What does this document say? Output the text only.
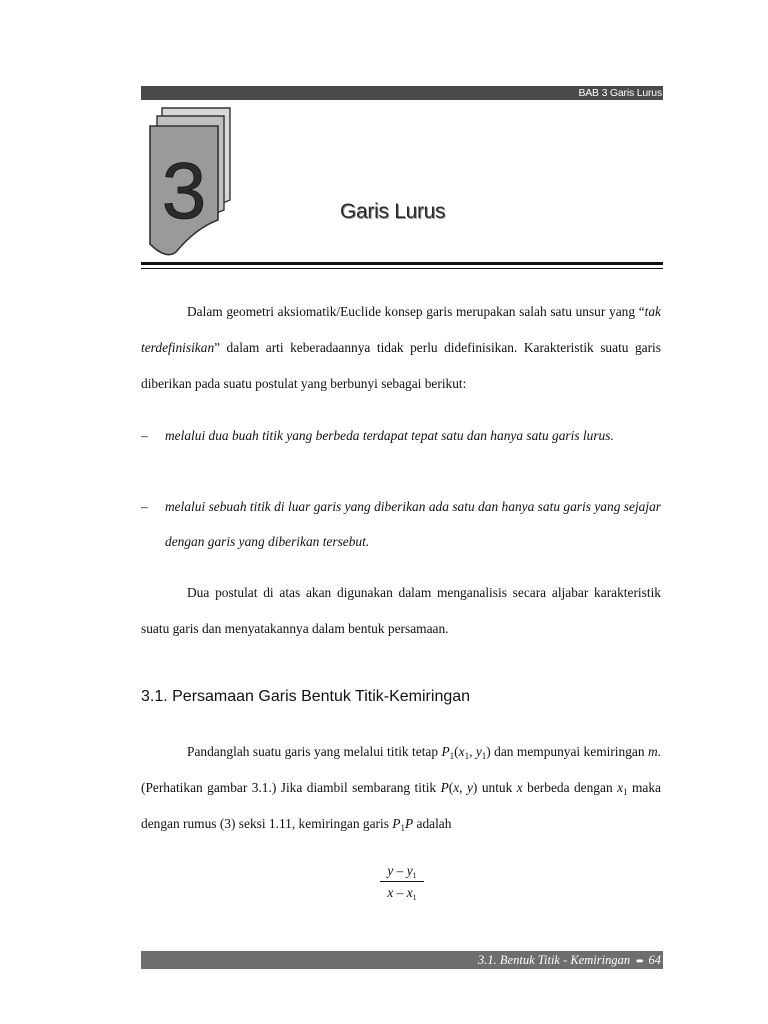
BAB 3 Garis Lurus
3	Garis Lurus
Dalam geometri aksiomatik/Euclide konsep garis merupakan salah satu unsur yang “tak terdefinisikan” dalam arti keberadaannya tidak perlu didefinisikan. Karakteristik suatu garis diberikan pada suatu postulat yang berbunyi sebagai berikut:
– melalui dua buah titik yang berbeda terdapat tepat satu dan hanya satu garis lurus.
– melalui sebuah titik di luar garis yang diberikan ada satu dan hanya satu garis yang sejajar dengan garis yang diberikan tersebut.
Dua postulat di atas akan digunakan dalam menganalisis secara aljabar karakteristik suatu garis dan menyatakannya dalam bentuk persamaan.
3.1. Persamaan Garis Bentuk Titik-Kemiringan
Pandanglah suatu garis yang melalui titik tetap $P_1(x_1$, $y_1$) dan mempunyai kemiringan m. (Perhatikan gambar 3.1.) Jika diambil sembarang titik P(x, y) untuk x berbeda dengan $x_1$ maka dengan rumus (3) seksi 1.11, kemiringan garis $P_1P$ adalah
y – $y_1$
x – $x_1$
3.1. Bentuk Titik - Kemiringan ➨ 64
